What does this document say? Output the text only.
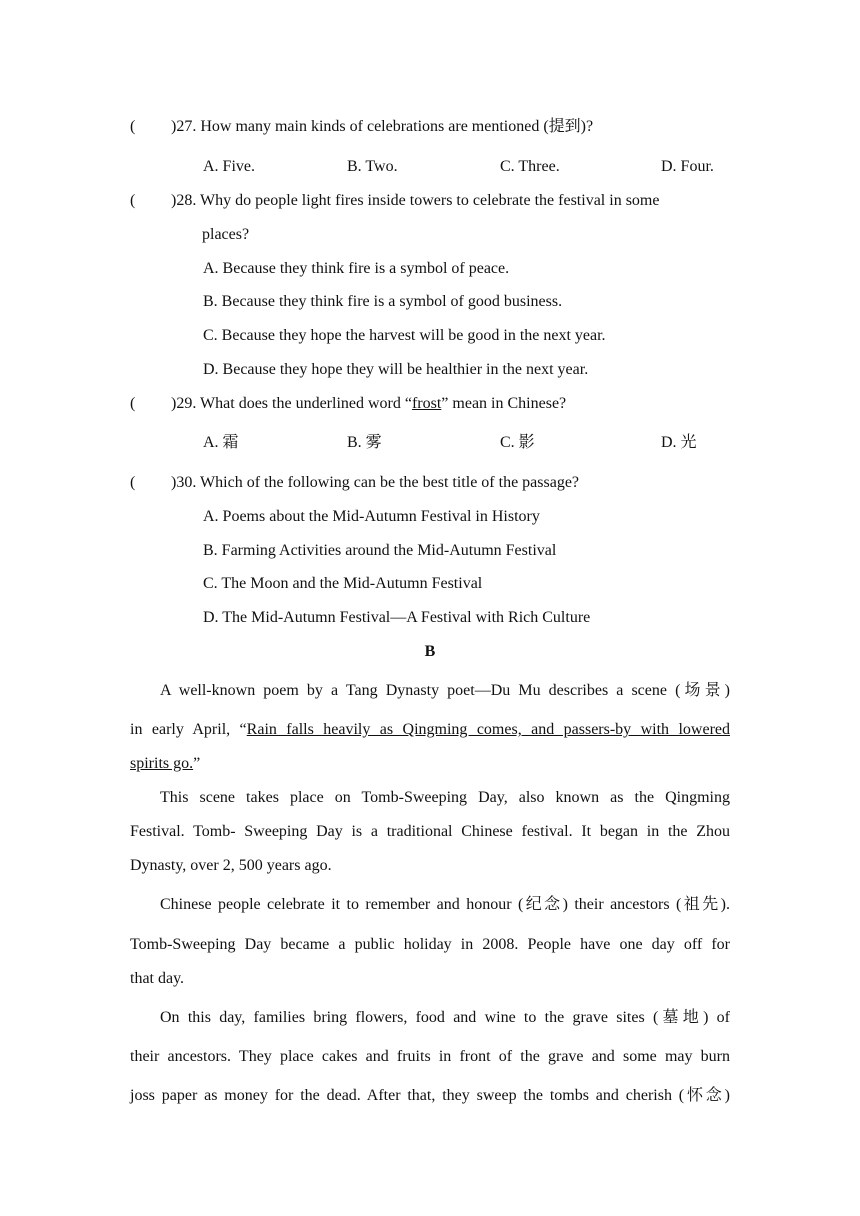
( )27. How many main kinds of celebrations are mentioned (提到)?
A. Five.	B. Two.	C. Three.	D. Four.
( )28. Why do people light fires inside towers to celebrate the festival in some
places?
A. Because they think fire is a symbol of peace.
B. Because they think fire is a symbol of good business.
C. Because they hope the harvest will be good in the next year.
D. Because they hope they will be healthier in the next year.
( )29. What does the underlined word “frost” mean in Chinese?
A. 霜	B. 雾	C. 影	D. 光
( )30. Which of the following can be the best title of the passage?
A. Poems about the Mid-Autumn Festival in History
B. Farming Activities around the Mid-Autumn Festival
C. The Moon and the Mid-Autumn Festival
D. The Mid-Autumn Festival—A Festival with Rich Culture
B
A well-known poem by a Tang Dynasty poet—Du Mu describes a scene (场景)
in early April, “Rain falls heavily as Qingming comes, and passers-by with lowered
spirits go.”
This scene takes place on Tomb-Sweeping Day, also known as the Qingming
Festival. Tomb- Sweeping Day is a traditional Chinese festival. It began in the Zhou
Dynasty, over 2, 500 years ago.
Chinese people celebrate it to remember and honour (纪念) their ancestors (祖先).
Tomb-Sweeping Day became a public holiday in 2008. People have one day off for
that day.
On this day, families bring flowers, food and wine to the grave sites (墓地) of
their ancestors. They place cakes and fruits in front of the grave and some may burn
joss paper as money for the dead. After that, they sweep the tombs and cherish (怀念)
